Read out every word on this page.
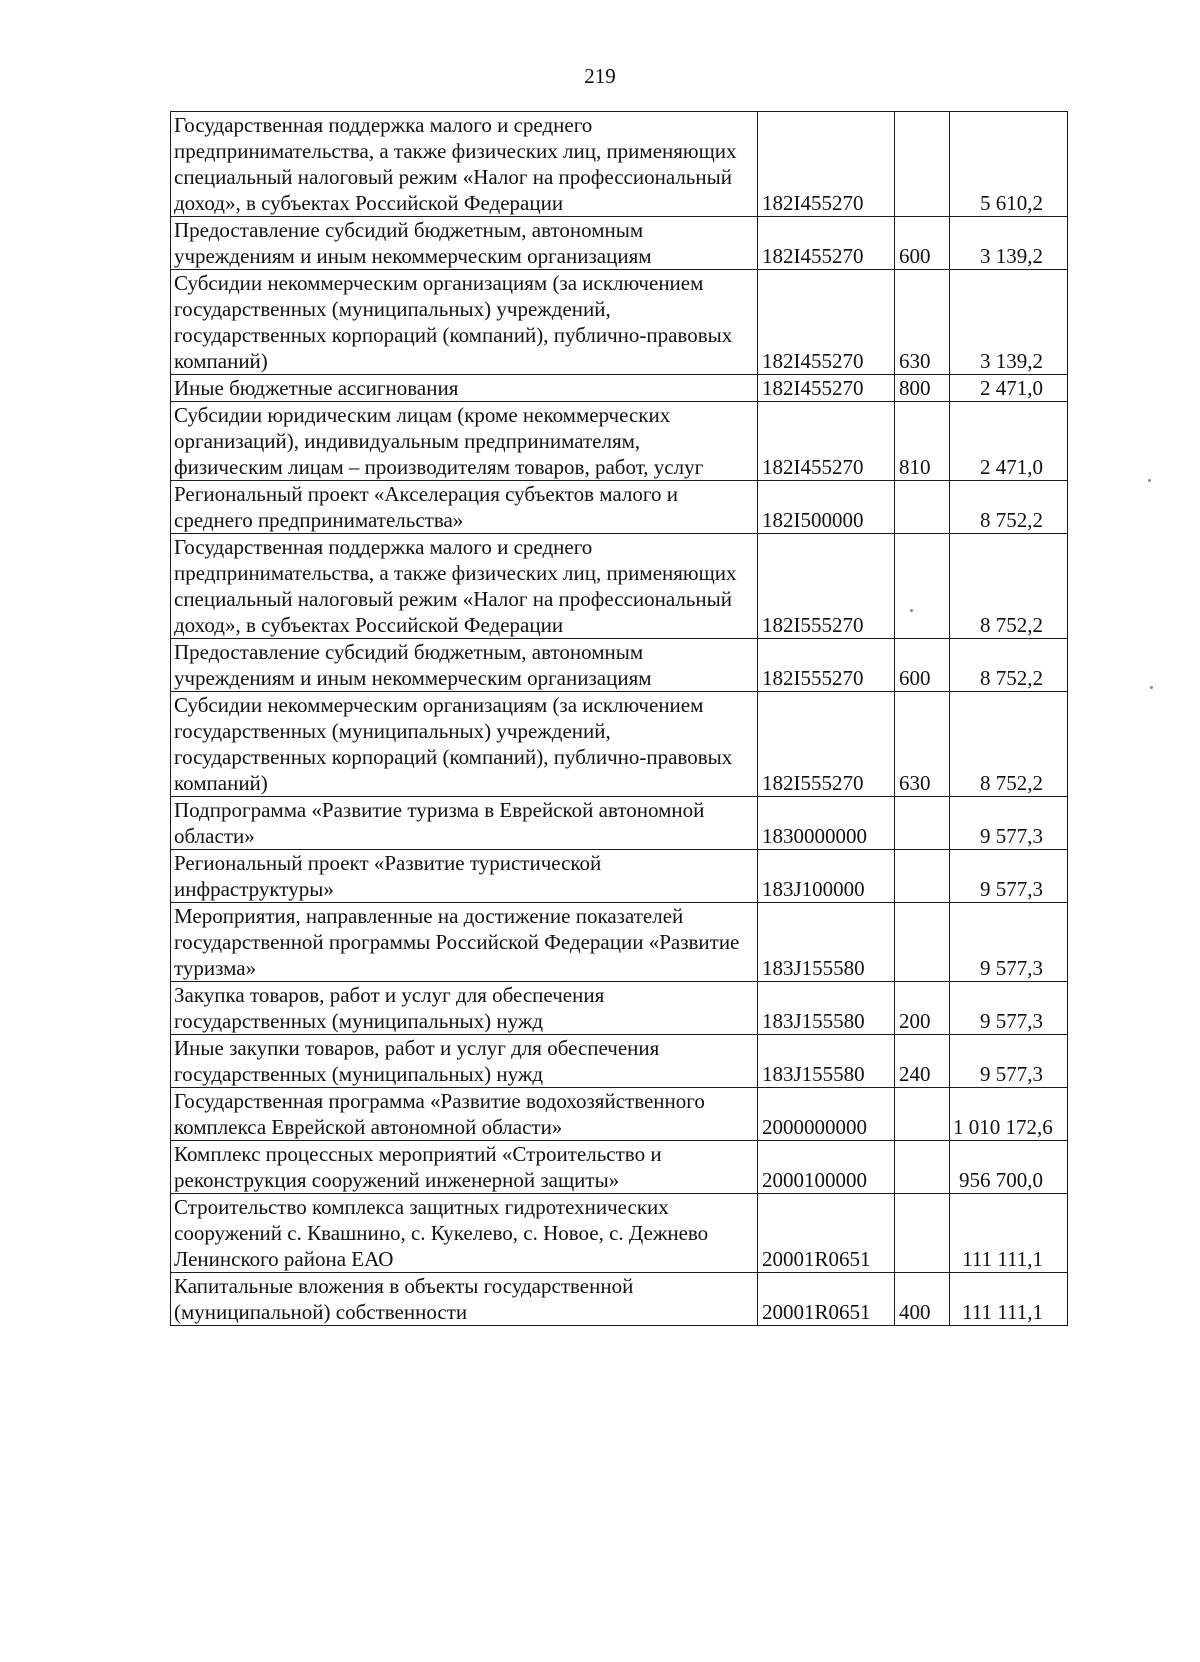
219
Государственная поддержка малого и среднего предпринимательства, а также физических лиц, применяющих специальный налоговый режим «Налог на профессиональный доход», в субъектах Российской Федерации	182I455270		5 610,2
Предоставление субсидий бюджетным, автономным учреждениям и иным некоммерческим организациям	182I455270	600	3 139,2
Субсидии некоммерческим организациям (за исключением государственных (муниципальных) учреждений, государственных корпораций (компаний), публично-правовых компаний)	182I455270	630	3 139,2
Иные бюджетные ассигнования	182I455270	800	2 471,0
Субсидии юридическим лицам (кроме некоммерческих организаций), индивидуальным предпринимателям, физическим лицам – производителям товаров, работ, услуг	182I455270	810	2 471,0
Региональный проект «Акселерация субъектов малого и среднего предпринимательства»	182I500000		8 752,2
Государственная поддержка малого и среднего предпринимательства, а также физических лиц, применяющих специальный налоговый режим «Налог на профессиональный доход», в субъектах Российской Федерации	182I555270		8 752,2
Предоставление субсидий бюджетным, автономным учреждениям и иным некоммерческим организациям	182I555270	600	8 752,2
Субсидии некоммерческим организациям (за исключением государственных (муниципальных) учреждений, государственных корпораций (компаний), публично-правовых компаний)	182I555270	630	8 752,2
Подпрограмма «Развитие туризма в Еврейской автономной области»	1830000000		9 577,3
Региональный проект «Развитие туристической инфраструктуры»	183J100000		9 577,3
Мероприятия, направленные на достижение показателей государственной программы Российской Федерации «Развитие туризма»	183J155580		9 577,3
Закупка товаров, работ и услуг для обеспечения государственных (муниципальных) нужд	183J155580	200	9 577,3
Иные закупки товаров, работ и услуг для обеспечения государственных (муниципальных) нужд	183J155580	240	9 577,3
Государственная программа «Развитие водохозяйственного комплекса Еврейской автономной области»	2000000000		1 010 172,6
Комплекс процессных мероприятий «Строительство и реконструкция сооружений инженерной защиты»	2000100000		956 700,0
Строительство комплекса защитных гидротехнических сооружений с. Квашнино, с. Кукелево, с. Новое, с. Дежнево Ленинского района ЕАО	20001R0651		111 111,1
Капитальные вложения в объекты государственной (муниципальной) собственности	20001R0651	400	111 111,1
